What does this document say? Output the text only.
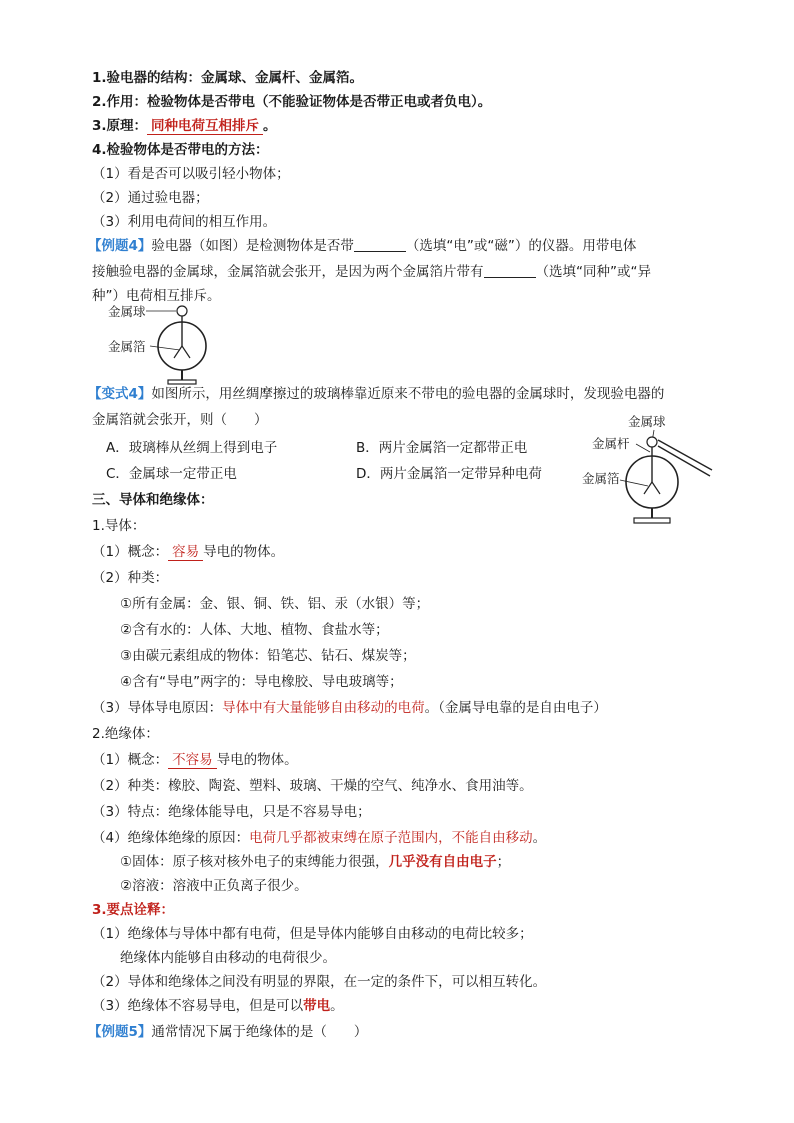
1.验电器的结构：金属球、金属杆、金属箔。
2.作用：检验物体是否带电（不能验证物体是否带正电或者负电）。
3.原理： 同种电荷互相排斥 。
4.检验物体是否带电的方法：
（1）看是否可以吸引轻小物体；
（2）通过验电器；
（3）利用电荷间的相互作用。
【例题4】验电器（如图）是检测物体是否带	（选填“电”或“磁”）的仪器。用带电体
接触验电器的金属球，金属箔就会张开，是因为两个金属箔片带有	（选填“同种”或“异
种”）电荷相互排斥。
金属球
金属箔
【变式4】如图所示，用丝绸摩擦过的玻璃棒靠近原来不带电的验电器的金属球时，发现验电器的
金属箔就会张开，则（　　）
A．玻璃棒从丝绸上得到电子	B．两片金属箔一定都带正电
C．金属球一定带正电	D．两片金属箔一定带异种电荷
金属球
金属杆
金属箔
三、导体和绝缘体：
1.导体：
（1）概念： 容易 导电的物体。
（2）种类：
①所有金属：金、银、铜、铁、铝、汞（水银）等；
②含有水的：人体、大地、植物、食盐水等；
③由碳元素组成的物体：铅笔芯、钻石、煤炭等；
④含有“导电”两字的：导电橡胶、导电玻璃等；
（3）导体导电原因：导体中有大量能够自由移动的电荷。（金属导电靠的是自由电子）
2.绝缘体：
（1）概念： 不容易 导电的物体。
（2）种类：橡胶、陶瓷、塑料、玻璃、干燥的空气、纯净水、食用油等。
（3）特点：绝缘体能导电，只是不容易导电；
（4）绝缘体绝缘的原因：电荷几乎都被束缚在原子范围内，不能自由移动。
①固体：原子核对核外电子的束缚能力很强，几乎没有自由电子；
②溶液：溶液中正负离子很少。
3.要点诠释：
（1）绝缘体与导体中都有电荷，但是导体内能够自由移动的电荷比较多；
绝缘体内能够自由移动的电荷很少。
（2）导体和绝缘体之间没有明显的界限，在一定的条件下，可以相互转化。
（3）绝缘体不容易导电，但是可以带电。
【例题5】通常情况下属于绝缘体的是（　　）
